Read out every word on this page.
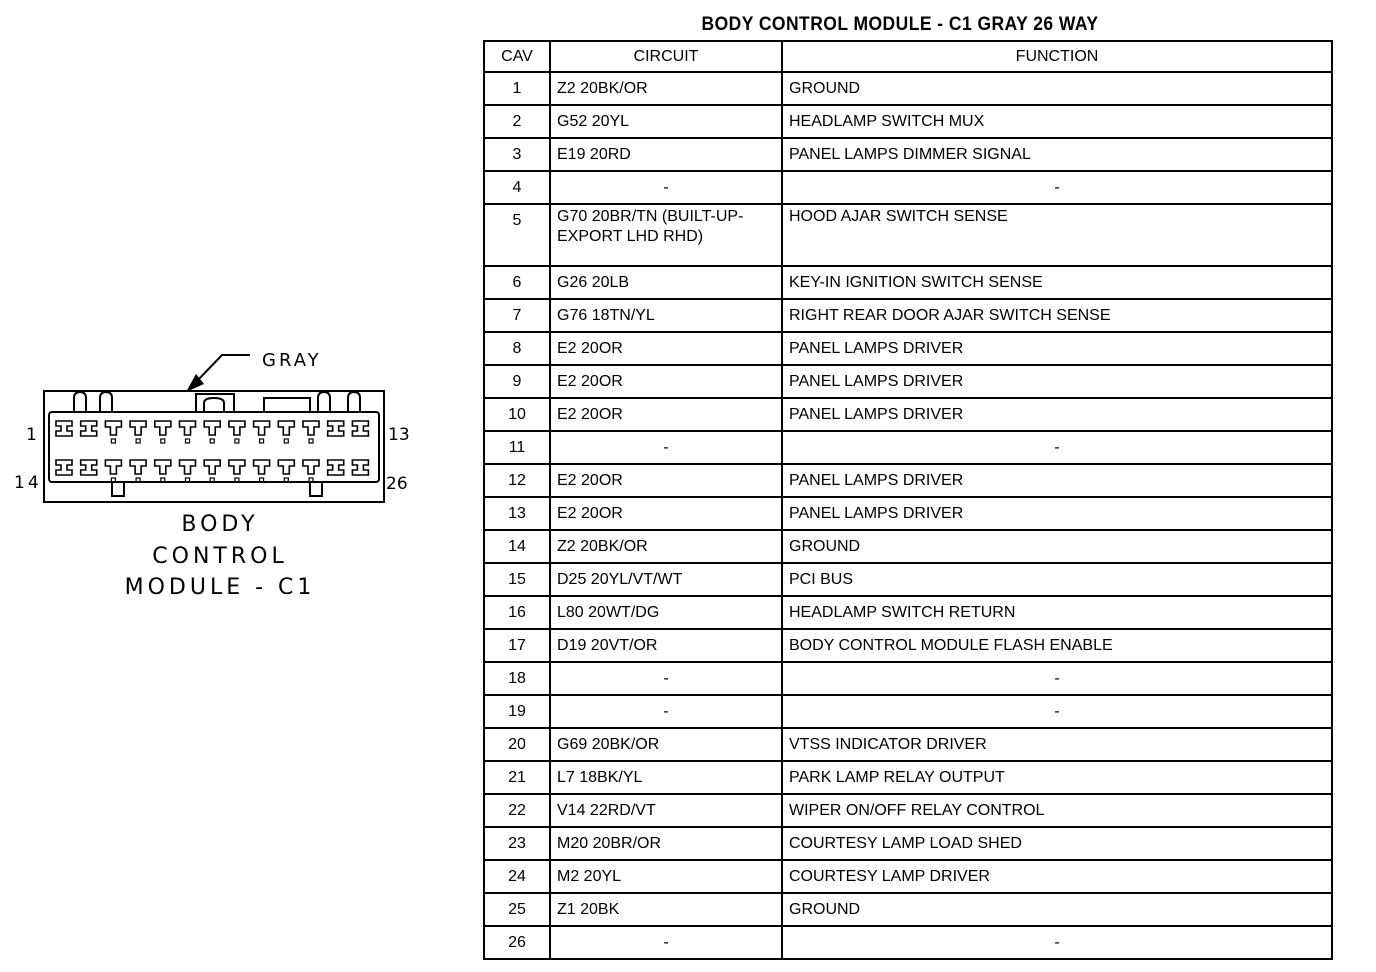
GRAY
1	13
14	26
BODY
CONTROL
MODULE - C1
BODY CONTROL MODULE - C1 GRAY 26 WAY
CAV	CIRCUIT	FUNCTION
1	Z2 20BK/OR	GROUND
2	G52 20YL	HEADLAMP SWITCH MUX
3	E19 20RD	PANEL LAMPS DIMMER SIGNAL
4	-	-
5	G70 20BR/TN (BUILT-UP-EXPORT LHD RHD)	HOOD AJAR SWITCH SENSE
6	G26 20LB	KEY-IN IGNITION SWITCH SENSE
7	G76 18TN/YL	RIGHT REAR DOOR AJAR SWITCH SENSE
8	E2 20OR	PANEL LAMPS DRIVER
9	E2 20OR	PANEL LAMPS DRIVER
10	E2 20OR	PANEL LAMPS DRIVER
11	-	-
12	E2 20OR	PANEL LAMPS DRIVER
13	E2 20OR	PANEL LAMPS DRIVER
14	Z2 20BK/OR	GROUND
15	D25 20YL/VT/WT	PCI BUS
16	L80 20WT/DG	HEADLAMP SWITCH RETURN
17	D19 20VT/OR	BODY CONTROL MODULE FLASH ENABLE
18	-	-
19	-	-
20	G69 20BK/OR	VTSS INDICATOR DRIVER
21	L7 18BK/YL	PARK LAMP RELAY OUTPUT
22	V14 22RD/VT	WIPER ON/OFF RELAY CONTROL
23	M20 20BR/OR	COURTESY LAMP LOAD SHED
24	M2 20YL	COURTESY LAMP DRIVER
25	Z1 20BK	GROUND
26	-	-
